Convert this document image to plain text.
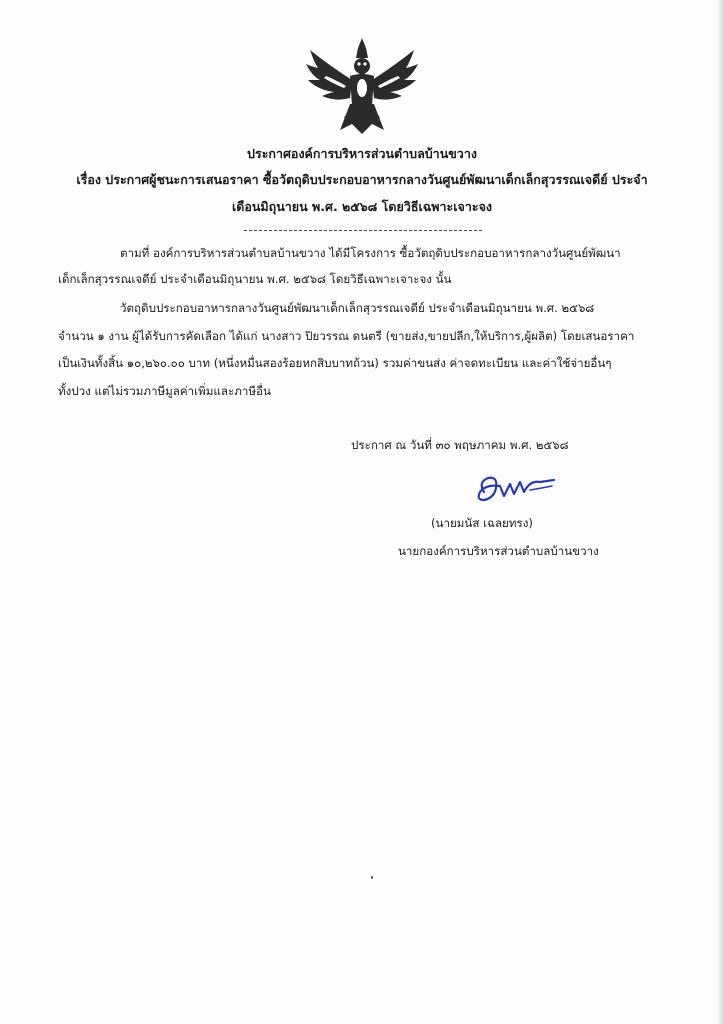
ประกาศองค์การบริหารส่วนตำบลบ้านขวาง
เรื่อง ประกาศผู้ชนะการเสนอราคา ซื้อวัตถุดิบประกอบอาหารกลางวันศูนย์พัฒนาเด็กเล็กสุวรรณเจดีย์ ประจำ
เดือนมิถุนายน พ.ศ. ๒๕๖๘ โดยวิธีเฉพาะเจาะจง
ตามที่ องค์การบริหารส่วนตำบลบ้านขวาง ได้มีโครงการ ซื้อวัตถุดิบประกอบอาหารกลางวันศูนย์พัฒนา
เด็กเล็กสุวรรณเจดีย์ ประจำเดือนมิถุนายน พ.ศ. ๒๕๖๘ โดยวิธีเฉพาะเจาะจง นั้น
วัตถุดิบประกอบอาหารกลางวันศูนย์พัฒนาเด็กเล็กสุวรรณเจดีย์ ประจำเดือนมิถุนายน พ.ศ. ๒๕๖๘
จำนวน ๑ งาน ผู้ได้รับการคัดเลือก ได้แก่ นางสาว ปิยวรรณ ดนตรี (ขายส่ง,ขายปลีก,ให้บริการ,ผู้ผลิต) โดยเสนอราคา
เป็นเงินทั้งสิ้น ๑๐,๒๖๐.๐๐ บาท (หนึ่งหมื่นสองร้อยหกสิบบาทถ้วน) รวมค่าขนส่ง ค่าจดทะเบียน และค่าใช้จ่ายอื่นๆ
ทั้งปวง แต่ไม่รวมภาษีมูลค่าเพิ่มและภาษีอื่น
ประกาศ ณ วันที่ ๓๐ พฤษภาคม พ.ศ. ๒๕๖๘
(นายมนัส เฉลยทรง)
นายกองค์การบริหารส่วนตำบลบ้านขวาง
